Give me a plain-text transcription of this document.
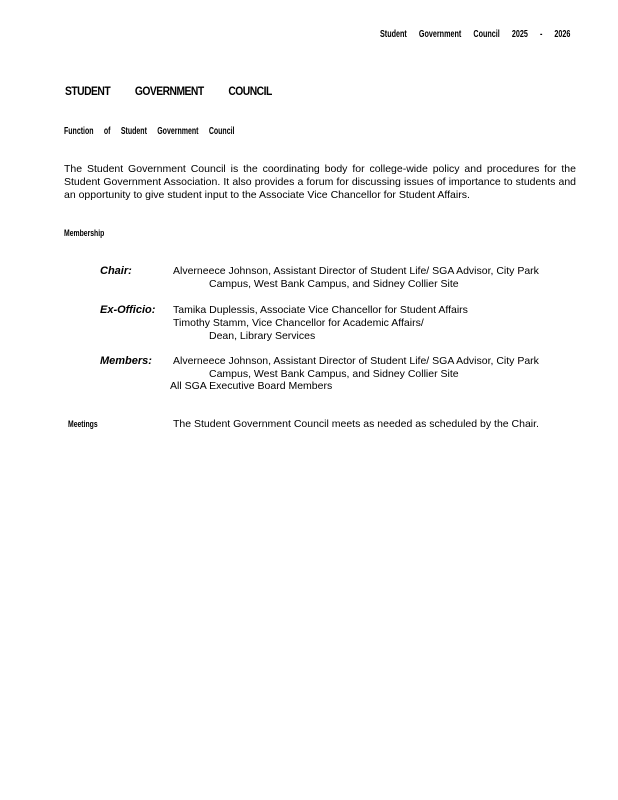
Student Government Council 2025 - 2026
STUDENT GOVERNMENT COUNCIL
Function of Student Government Council
The Student Government Council is the coordinating body for college-wide policy and procedures for the Student Government Association. It also provides a forum for discussing issues of importance to students and an opportunity to give student input to the Associate Vice Chancellor for Student Affairs.
Membership
Chair:	Alverneece Johnson, Assistant Director of Student Life/ SGA Advisor, City Park
Campus, West Bank Campus, and Sidney Collier Site
Ex-Officio: Tamika Duplessis, Associate Vice Chancellor for Student Affairs
Timothy Stamm, Vice Chancellor for Academic Affairs/
Dean, Library Services
Members: Alverneece Johnson, Assistant Director of Student Life/ SGA Advisor, City Park
Campus, West Bank Campus, and Sidney Collier Site
All SGA Executive Board Members
Meetings	The Student Government Council meets as needed as scheduled by the Chair.
